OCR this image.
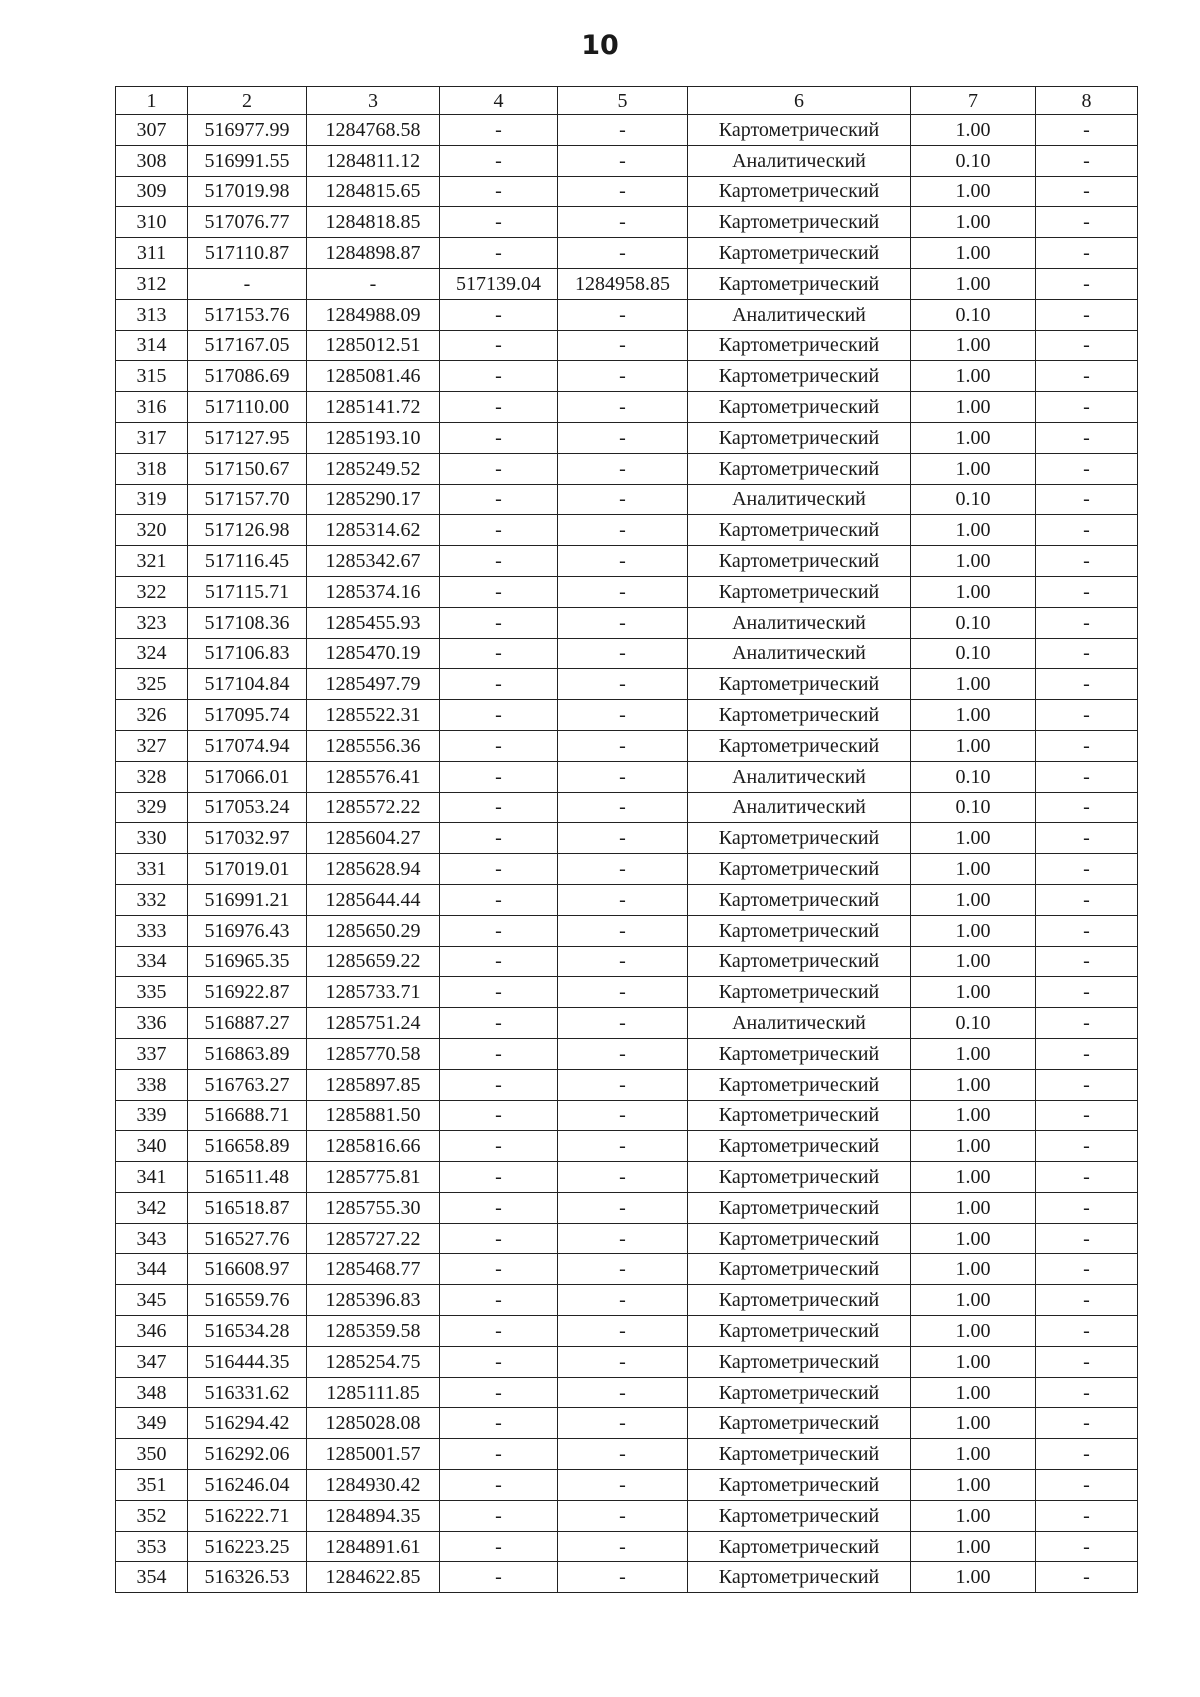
10
1	2	3	4	5	6	7	8
307	516977.99	1284768.58	-	-	Картометрический	1.00	-
308	516991.55	1284811.12	-	-	Аналитический	0.10	-
309	517019.98	1284815.65	-	-	Картометрический	1.00	-
310	517076.77	1284818.85	-	-	Картометрический	1.00	-
311	517110.87	1284898.87	-	-	Картометрический	1.00	-
312	-	-	517139.04	1284958.85	Картометрический	1.00	-
313	517153.76	1284988.09	-	-	Аналитический	0.10	-
314	517167.05	1285012.51	-	-	Картометрический	1.00	-
315	517086.69	1285081.46	-	-	Картометрический	1.00	-
316	517110.00	1285141.72	-	-	Картометрический	1.00	-
317	517127.95	1285193.10	-	-	Картометрический	1.00	-
318	517150.67	1285249.52	-	-	Картометрический	1.00	-
319	517157.70	1285290.17	-	-	Аналитический	0.10	-
320	517126.98	1285314.62	-	-	Картометрический	1.00	-
321	517116.45	1285342.67	-	-	Картометрический	1.00	-
322	517115.71	1285374.16	-	-	Картометрический	1.00	-
323	517108.36	1285455.93	-	-	Аналитический	0.10	-
324	517106.83	1285470.19	-	-	Аналитический	0.10	-
325	517104.84	1285497.79	-	-	Картометрический	1.00	-
326	517095.74	1285522.31	-	-	Картометрический	1.00	-
327	517074.94	1285556.36	-	-	Картометрический	1.00	-
328	517066.01	1285576.41	-	-	Аналитический	0.10	-
329	517053.24	1285572.22	-	-	Аналитический	0.10	-
330	517032.97	1285604.27	-	-	Картометрический	1.00	-
331	517019.01	1285628.94	-	-	Картометрический	1.00	-
332	516991.21	1285644.44	-	-	Картометрический	1.00	-
333	516976.43	1285650.29	-	-	Картометрический	1.00	-
334	516965.35	1285659.22	-	-	Картометрический	1.00	-
335	516922.87	1285733.71	-	-	Картометрический	1.00	-
336	516887.27	1285751.24	-	-	Аналитический	0.10	-
337	516863.89	1285770.58	-	-	Картометрический	1.00	-
338	516763.27	1285897.85	-	-	Картометрический	1.00	-
339	516688.71	1285881.50	-	-	Картометрический	1.00	-
340	516658.89	1285816.66	-	-	Картометрический	1.00	-
341	516511.48	1285775.81	-	-	Картометрический	1.00	-
342	516518.87	1285755.30	-	-	Картометрический	1.00	-
343	516527.76	1285727.22	-	-	Картометрический	1.00	-
344	516608.97	1285468.77	-	-	Картометрический	1.00	-
345	516559.76	1285396.83	-	-	Картометрический	1.00	-
346	516534.28	1285359.58	-	-	Картометрический	1.00	-
347	516444.35	1285254.75	-	-	Картометрический	1.00	-
348	516331.62	1285111.85	-	-	Картометрический	1.00	-
349	516294.42	1285028.08	-	-	Картометрический	1.00	-
350	516292.06	1285001.57	-	-	Картометрический	1.00	-
351	516246.04	1284930.42	-	-	Картометрический	1.00	-
352	516222.71	1284894.35	-	-	Картометрический	1.00	-
353	516223.25	1284891.61	-	-	Картометрический	1.00	-
354	516326.53	1284622.85	-	-	Картометрический	1.00	-
